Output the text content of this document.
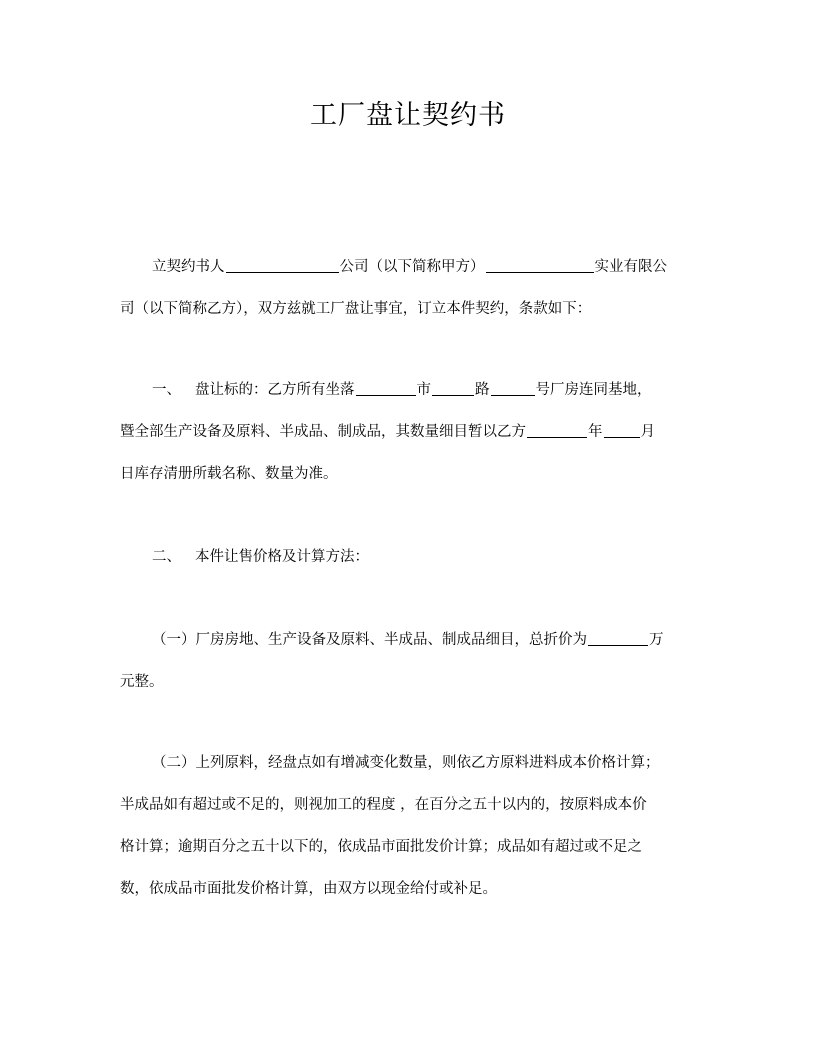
工厂盘让契约书
立契约书人	公司（以下简称甲方）	实业有限公
司（以下简称乙方），双方兹就工厂盘让事宜，订立本件契约，条款如下：
一、 盘让标的：乙方所有坐落	市	路	号厂房连同基地，
暨全部生产设备及原料、半成品、制成品，其数量细目暂以乙方	年	月
日库存清册所载名称、数量为准。
二、 本件让售价格及计算方法：
（一）厂房房地、生产设备及原料、半成品、制成品细目，总折价为	万
元整。
（二）上列原料，经盘点如有增减变化数量，则依乙方原料进料成本价格计算；
半成品如有超过或不足的，则视加工的程度 ，在百分之五十以内的，按原料成本价
格计算；逾期百分之五十以下的，依成品市面批发价计算；成品如有超过或不足之
数，依成品市面批发价格计算，由双方以现金给付或补足。
